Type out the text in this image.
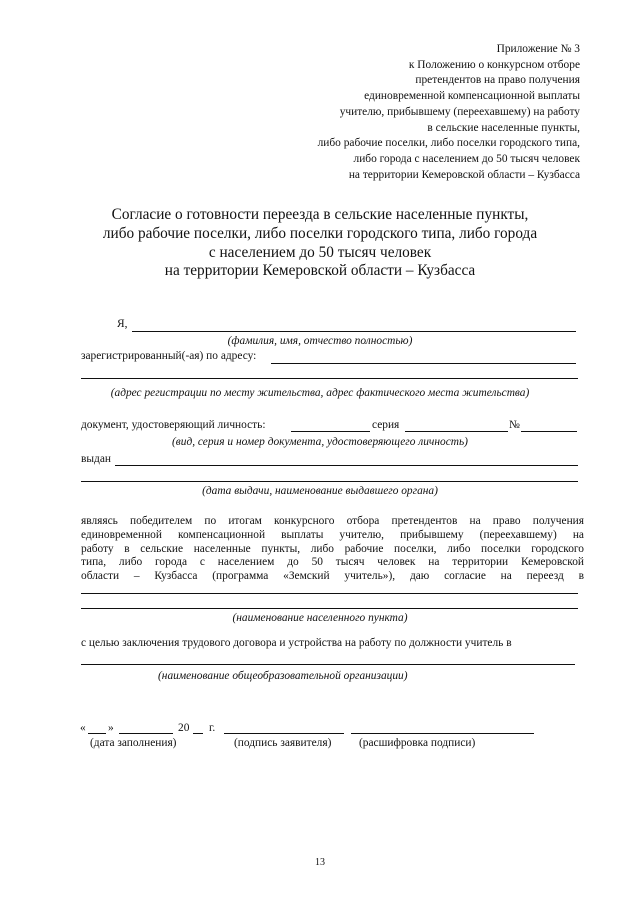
Приложение № 3
к Положению о конкурсном отборе
претендентов на право получения
единовременной компенсационной выплаты
учителю, прибывшему (переехавшему) на работу
в сельские населенные пункты,
либо рабочие поселки, либо поселки городского типа,
либо города с населением до 50 тысяч человек
на территории Кемеровской области – Кузбасса
Согласие о готовности переезда в сельские населенные пункты,
либо рабочие поселки, либо поселки городского типа, либо города
с населением до 50 тысяч человек
на территории Кемеровской области – Кузбасса
Я,
(фамилия, имя, отчество полностью)
зарегистрированный(-ая) по адресу:
(адрес регистрации по месту жительства, адрес фактического места жительства)
документ, удостоверяющий личность:	серия	№
(вид, серия и номер документа, удостоверяющего личность)
выдан
(дата выдачи, наименование выдавшего органа)
являясь победителем по итогам конкурсного отбора претендентов на право получения
единовременной компенсационной выплаты учителю, прибывшему (переехавшему) на
работу в сельские населенные пункты, либо рабочие поселки, либо поселки городского
типа, либо города с населением до 50 тысяч человек на территории Кемеровской
области – Кузбасса (программа «Земский учитель»), даю согласие на переезд в
(наименование населенного пункта)
с целью заключения трудового договора и устройства на работу по должности учитель в
(наименование общеобразовательной организации)
« »	20 г.
(дата заполнения)	(подпись заявителя) (расшифровка подписи)
13
